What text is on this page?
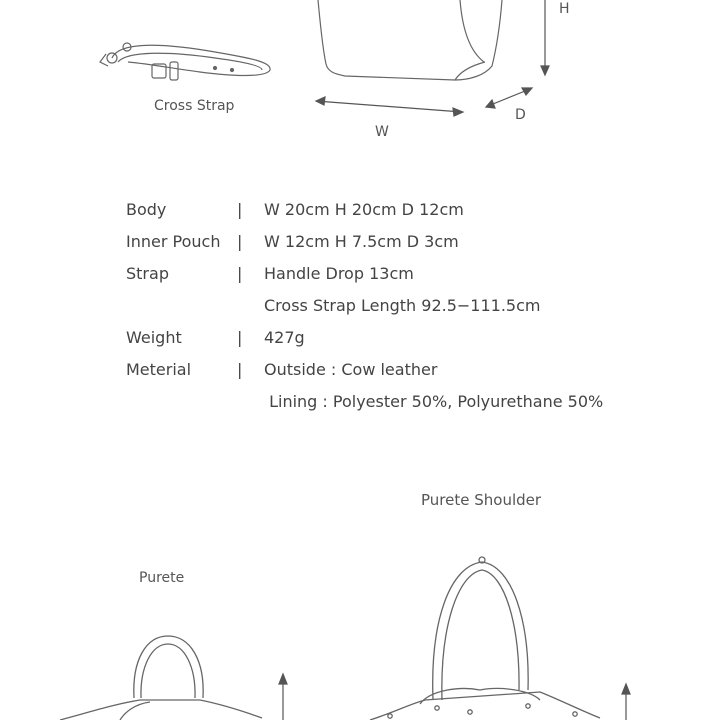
Cross Strap
H
W
D
Body	| W 20cm H 20cm D 12cm
Inner Pouch | W 12cm H 7.5cm D 3cm
Strap	| Handle Drop 13cm
Cross Strap Length 92.5−111.5cm
Weight	| 427g
Meterial	| Outside : Cow leather
Lining : Polyester 50%, Polyurethane 50%
Purete
Purete Shoulder
